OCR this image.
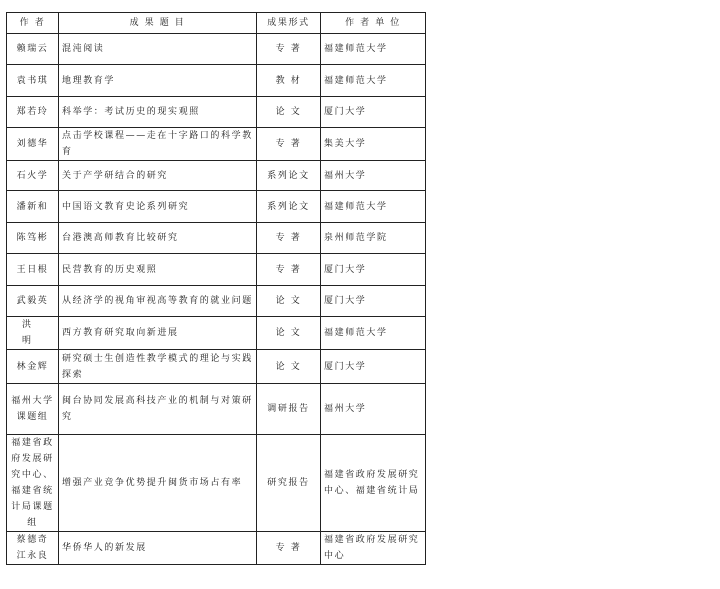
作 者	成 果 题 目	成果形式	作 者 单 位
赖瑞云	混沌阅读	专 著	福建师范大学
袁书琪	地理教育学	教 材	福建师范大学
郑若玲	科举学：考试历史的现实观照	论 文	厦门大学
刘德华	点击学校课程——走在十字路口的科学教育	专 著	集美大学
石火学	关于产学研结合的研究	系列论文	福州大学
潘新和	中国语文教育史论系列研究	系列论文	福建师范大学
陈笃彬	台港澳高师教育比较研究	专 著	泉州师范学院
王日根	民营教育的历史观照	专 著	厦门大学
武毅英	从经济学的视角审视高等教育的就业问题	论 文	厦门大学
洪 明	西方教育研究取向新进展	论 文	福建师范大学
林金辉	研究硕士生创造性教学模式的理论与实践探索	论 文	厦门大学
福州大学课题组	闽台协同发展高科技产业的机制与对策研究	调研报告	福州大学
福建省政府发展研究中心、福建省统计局课题组	增强产业竞争优势提升闽货市场占有率	研究报告	福建省政府发展研究中心、福建省统计局
蔡德奇 江永良	华侨华人的新发展	专 著	福建省政府发展研究中心
